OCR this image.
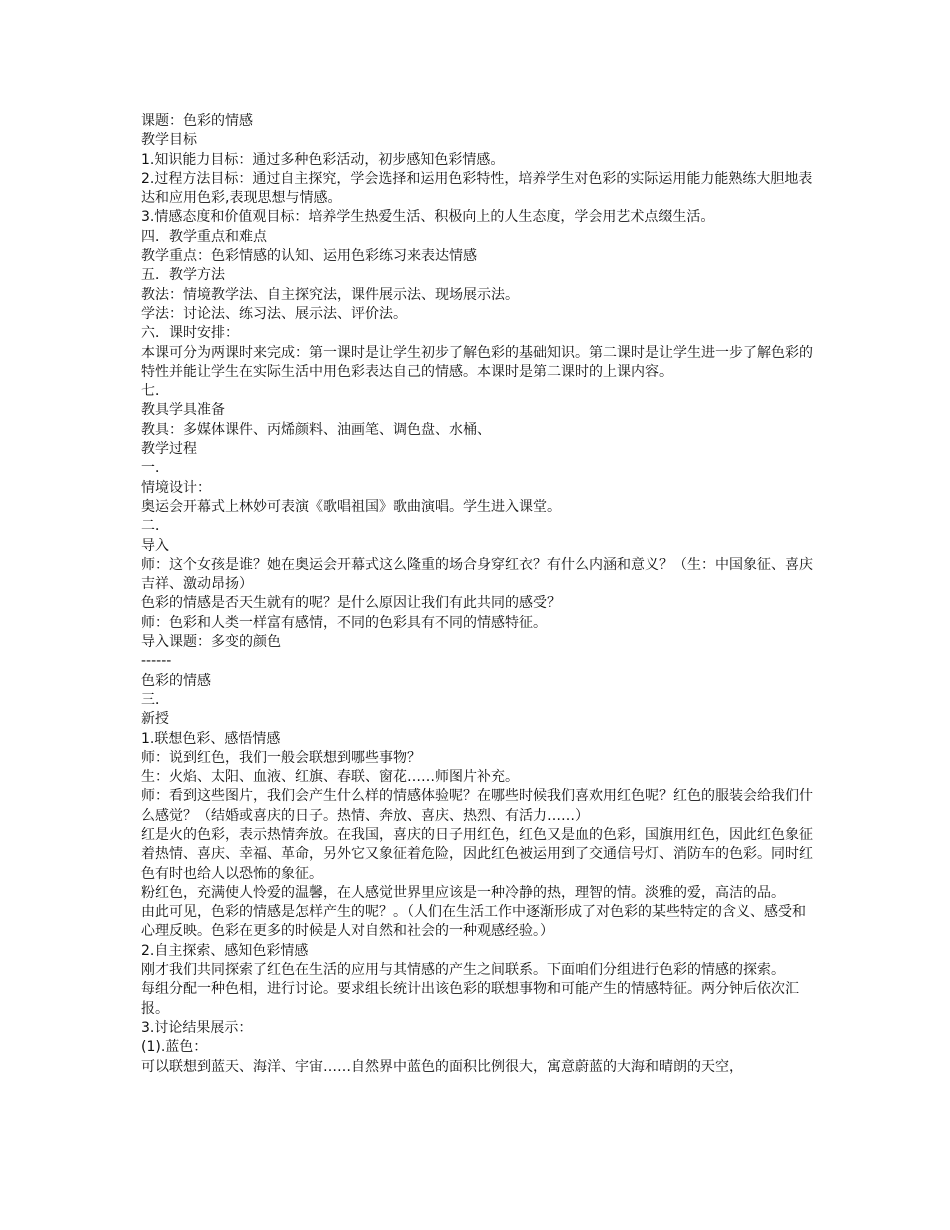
课题：色彩的情感
教学目标
1.知识能力目标：通过多种色彩活动，初步感知色彩情感。
2.过程方法目标：通过自主探究，学会选择和运用色彩特性，培养学生对色彩的实际运用能力能熟练大胆地表达和应用色彩,表现思想与情感。
3.情感态度和价值观目标：培养学生热爱生活、积极向上的人生态度，学会用艺术点缀生活。
四．教学重点和难点
教学重点：色彩情感的认知、运用色彩练习来表达情感
五．教学方法
教法：情境教学法、自主探究法，课件展示法、现场展示法。
学法：讨论法、练习法、展示法、评价法。
六．课时安排：
本课可分为两课时来完成：第一课时是让学生初步了解色彩的基础知识。第二课时是让学生进一步了解色彩的特性并能让学生在实际生活中用色彩表达自己的情感。本课时是第二课时的上课内容。
七．
教具学具准备
教具：多媒体课件、丙烯颜料、油画笔、调色盘、水桶、
教学过程
一．
情境设计：
奥运会开幕式上林妙可表演《歌唱祖国》歌曲演唱。学生进入课堂。
二．
导入
师：这个女孩是谁？她在奥运会开幕式这么隆重的场合身穿红衣？有什么内涵和意义？（生：中国象征、喜庆吉祥、激动昂扬）
色彩的情感是否天生就有的呢？是什么原因让我们有此共同的感受？
师：色彩和人类一样富有感情，不同的色彩具有不同的情感特征。
导入课题：多变的颜色
------
色彩的情感
三．
新授
1.联想色彩、感悟情感
师：说到红色，我们一般会联想到哪些事物？
生：火焰、太阳、血液、红旗、春联、窗花……师图片补充。
师：看到这些图片，我们会产生什么样的情感体验呢？在哪些时候我们喜欢用红色呢？红色的服装会给我们什么感觉？（结婚或喜庆的日子。热情、奔放、喜庆、热烈、有活力……）
红是火的色彩，表示热情奔放。在我国，喜庆的日子用红色，红色又是血的色彩，国旗用红色，因此红色象征着热情、喜庆、幸福、革命，另外它又象征着危险，因此红色被运用到了交通信号灯、消防车的色彩。同时红色有时也给人以恐怖的象征。
粉红色，充满使人怜爱的温馨，在人感觉世界里应该是一种冷静的热，理智的情。淡雅的爱，高洁的品。
由此可见，色彩的情感是怎样产生的呢？。（人们在生活工作中逐渐形成了对色彩的某些特定的含义、感受和心理反映。色彩在更多的时候是人对自然和社会的一种观感经验。）
2.自主探索、感知色彩情感
刚才我们共同探索了红色在生活的应用与其情感的产生之间联系。下面咱们分组进行色彩的情感的探索。
每组分配一种色相，进行讨论。要求组长统计出该色彩的联想事物和可能产生的情感特征。两分钟后依次汇报。
3.讨论结果展示：
(1).蓝色：
可以联想到蓝天、海洋、宇宙……自然界中蓝色的面积比例很大，寓意蔚蓝的大海和晴朗的天空，
